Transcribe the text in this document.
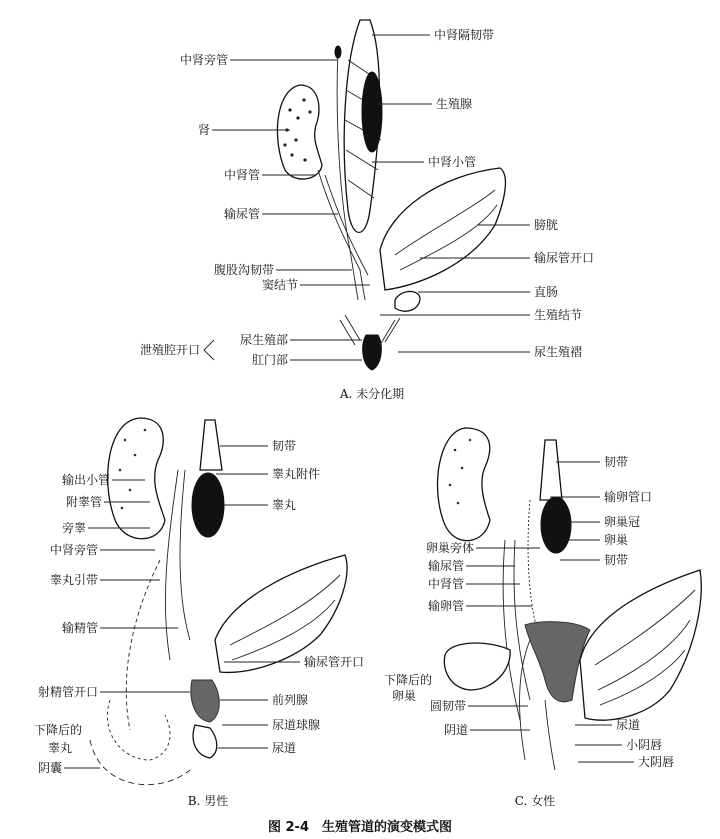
中肾旁管
肾
中肾管
输尿管
腹股沟韧带
窦结节
尿生殖部
肛门部
泄殖腔开口
中肾隔韧带
生殖腺
中肾小管
膀胱
输尿管开口
直肠
生殖结节
尿生殖褶
A. 未分化期
输出小管
附睾管
旁睾
中肾旁管
睾丸引带
输精管
射精管开口
下降后的
睾丸
阴囊
韧带
睾丸附件
睾丸
输尿管开口
前列腺
尿道球腺
尿道
B. 男性
韧带
输卵管口
卵巢冠
卵巢
韧带
卵巢旁体
输尿管
中肾管
输卵管
下降后的
卵巢
圆韧带
阴道	尿道
小阴唇
大阴唇
C. 女性
图 2-4　生殖管道的演变模式图
